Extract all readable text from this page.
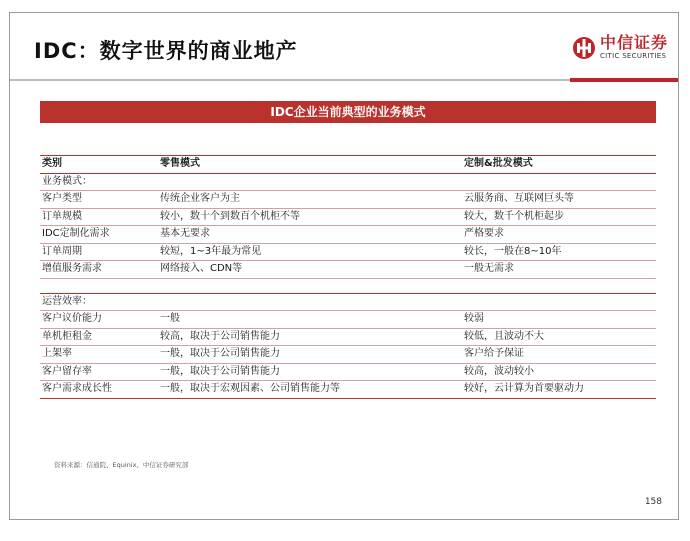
IDC：数字世界的商业地产	中信证券
CITIC SECURITIES
IDC企业当前典型的业务模式
类别	零售模式	定制&批发模式
业务模式：
客户类型	传统企业客户为主	云服务商、互联网巨头等
订单规模	较小，数十个到数百个机柜不等	较大，数千个机柜起步
IDC定制化需求	基本无要求	严格要求
订单周期	较短，1~3年最为常见	较长，一般在8~10年
增值服务需求	网络接入、CDN等	一般无需求
运营效率：
客户议价能力	一般	较弱
单机柜租金	较高，取决于公司销售能力	较低，且波动不大
上架率	一般，取决于公司销售能力	客户给予保证
客户留存率	一般，取决于公司销售能力	较高，波动较小
客户需求成长性	一般，取决于宏观因素、公司销售能力等	较好，云计算为首要驱动力
资料来源：信通院、Equinix、中信证券研究部
158
